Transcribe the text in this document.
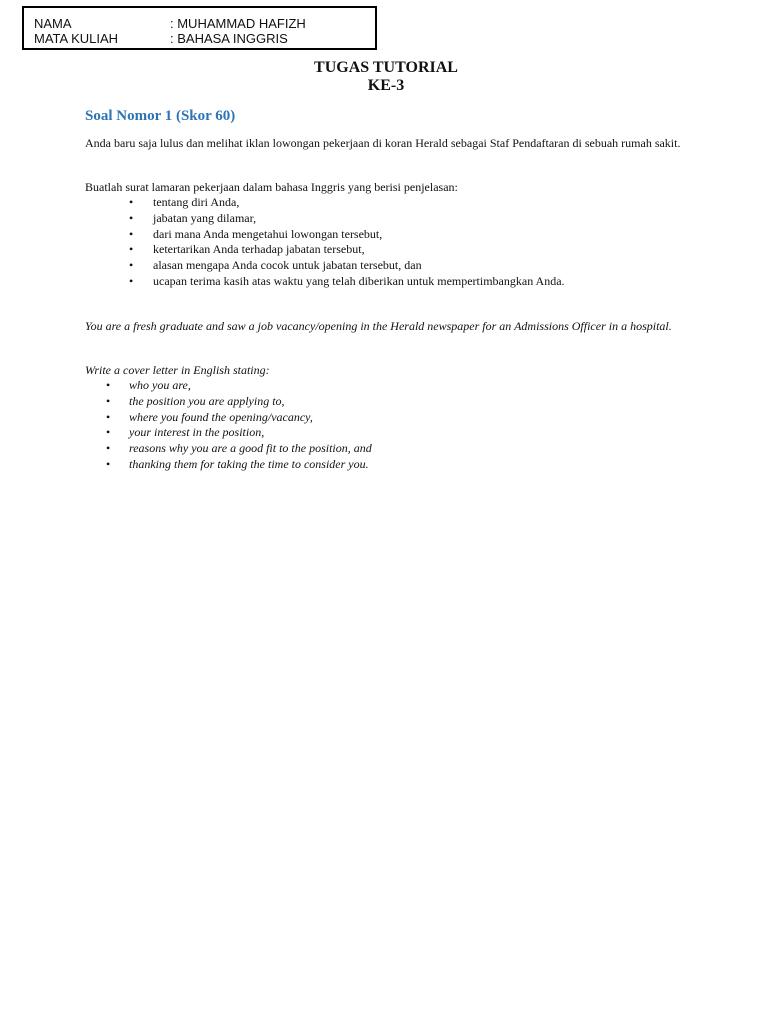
NAMA	: MUHAMMAD HAFIZH
MATA KULIAH	: BAHASA INGGRIS
TUGAS TUTORIAL
KE-3
Soal Nomor 1 (Skor 60)

Anda baru saja lulus dan melihat iklan lowongan pekerjaan di koran Herald sebagai Staf Pendaftaran di sebuah rumah sakit.

Buatlah surat lamaran pekerjaan dalam bahasa Inggris yang berisi penjelasan:

• tentang diri Anda,
• jabatan yang dilamar,
• dari mana Anda mengetahui lowongan tersebut,
• ketertarikan Anda terhadap jabatan tersebut,
• alasan mengapa Anda cocok untuk jabatan tersebut, dan
• ucapan terima kasih atas waktu yang telah diberikan untuk mempertimbangkan Anda.

You are a fresh graduate and saw a job vacancy/opening in the Herald newspaper for an Admissions Officer in a hospital.

Write a cover letter in English stating:

• who you are,
• the position you are applying to,
• where you found the opening/vacancy,
• your interest in the position,
• reasons why you are a good fit to the position, and
• thanking them for taking the time to consider you.
